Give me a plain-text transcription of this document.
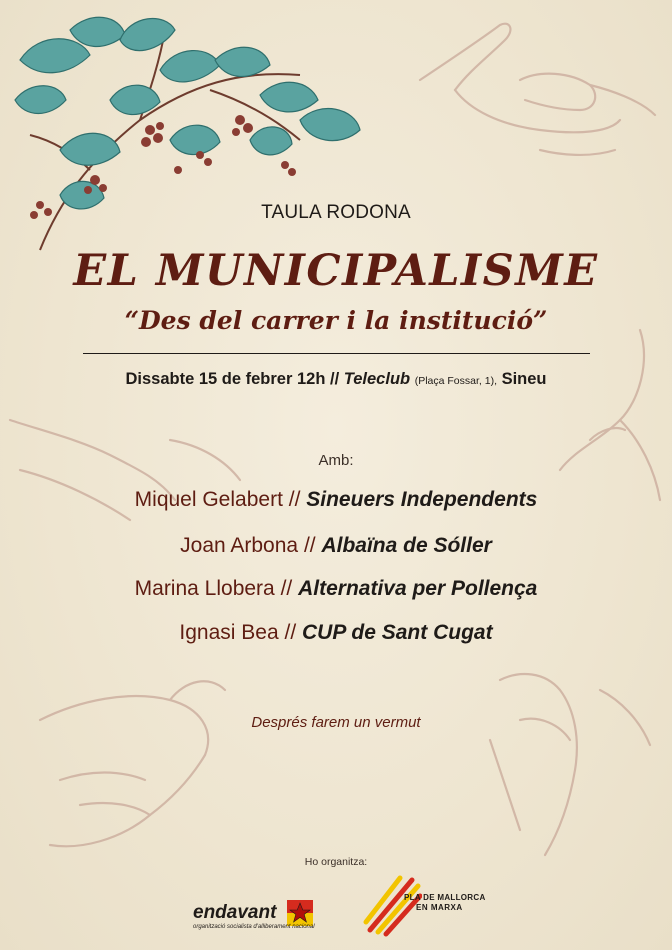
TAULA RODONA
EL MUNICIPALISME
“Des del carrer i la institució”
Dissabte 15 de febrer 12h // Teleclub (Plaça Fossar, 1), Sineu
Amb:
Miquel Gelabert // Sineuers Independents
Joan Arbona // Albaïna de Sóller
Marina Llobera // Alternativa per Pollença
Ignasi Bea // CUP de Sant Cugat
Després farem un vermut
Ho organitza:
endavant
organització socialista d'alliberament nacional
PLA DE MALLORCA
EN MARXA
